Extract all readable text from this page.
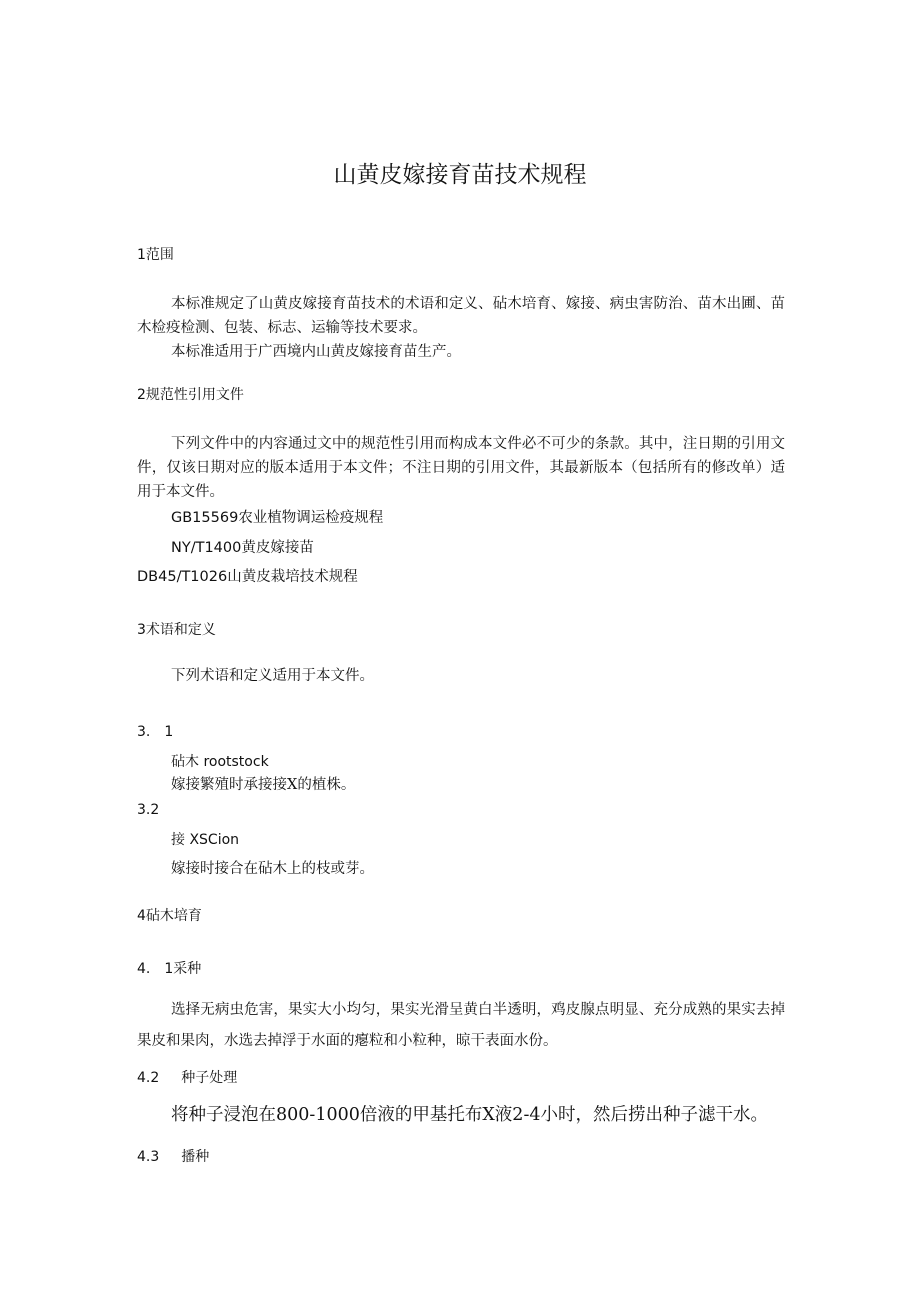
山黄皮嫁接育苗技术规程
1范围

本标准规定了山黄皮嫁接育苗技术的术语和定义、砧木培育、嫁接、病虫害防治、苗木出圃、苗木检疫检测、包装、标志、运输等技术要求。

本标准适用于广西境内山黄皮嫁接育苗生产。

2规范性引用文件

下列文件中的内容通过文中的规范性引用而构成本文件必不可少的条款。其中，注日期的引用文件，仅该日期对应的版本适用于本文件；不注日期的引用文件，其最新版本（包括所有的修改单）适用于本文件。

GB15569农业植物调运检疫规程
NY/T1400黄皮嫁接苗
DB45/T1026山黄皮栽培技术规程
3术语和定义
下列术语和定义适用于本文件。
3.　1
砧木 rootstock
嫁接繁殖时承接接X的植株。
3.2
接 XSCion
嫁接时接合在砧木上的枝或芽。
4砧木培育
4.　1采种

选择无病虫危害，果实大小均匀，果实光滑呈黄白半透明，鸡皮腺点明显、充分成熟的果实去掉果皮和果肉，水选去掉浮于水面的瘪粒和小粒种，晾干表面水份。

4.2 种子处理
将种子浸泡在800-1000倍液的甲基托布X液2-4小时，然后捞出种子滤干水。
4.3 播种
